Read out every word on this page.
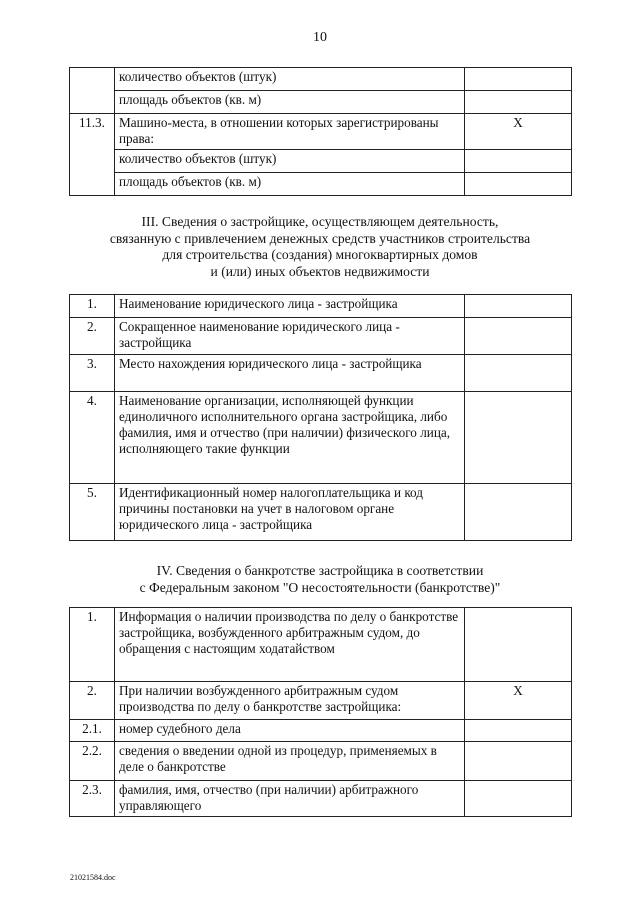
10
	количество объектов (штук)	
	площадь объектов (кв. м)	
11.3.	Машино-места, в отношении которых зарегистрированы права:	X
	количество объектов (штук)	
	площадь объектов (кв. м)	
III. Сведения о застройщике, осуществляющем деятельность,
связанную с привлечением денежных средств участников строительства
для строительства (создания) многоквартирных домов
и (или) иных объектов недвижимости
1.	Наименование юридического лица - застройщика	
2.	Сокращенное наименование юридического лица - застройщика	
3.	Место нахождения юридического лица - застройщика	
4.	Наименование организации, исполняющей функции единоличного исполнительного органа застройщика, либо фамилия, имя и отчество (при наличии) физического лица, исполняющего такие функции	
5.	Идентификационный номер налогоплательщика и код причины постановки на учет в налоговом органе юридического лица - застройщика	
IV. Сведения о банкротстве застройщика в соответствии
с Федеральным законом "О несостоятельности (банкротстве)"
1.	Информация о наличии производства по делу о банкротстве застройщика, возбужденного арбитражным судом, до обращения с настоящим ходатайством	
2.	При наличии возбужденного арбитражным судом производства по делу о банкротстве застройщика:	X
2.1.	номер судебного дела	
2.2.	сведения о введении одной из процедур, применяемых в деле о банкротстве	
2.3.	фамилия, имя, отчество (при наличии) арбитражного управляющего	
21021584.doc
